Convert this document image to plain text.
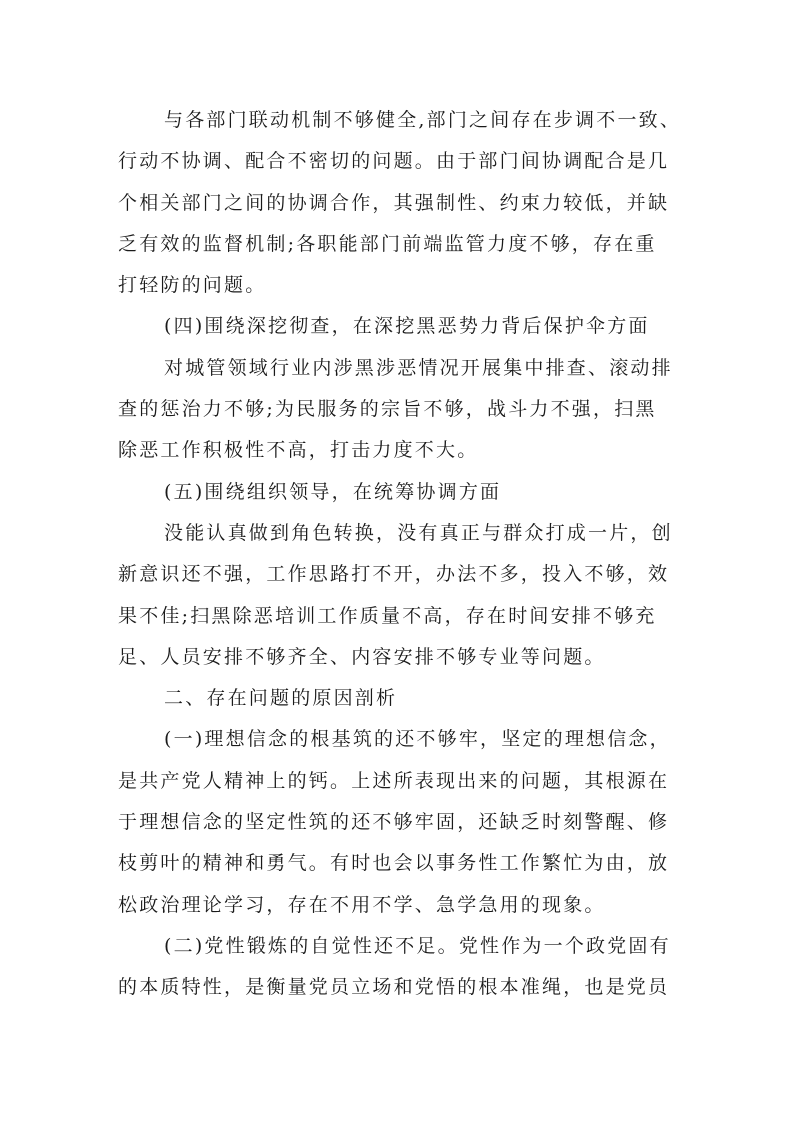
与各部门联动机制不够健全,部门之间存在步调不一致、

行动不协调、配合不密切的问题。由于部门间协调配合是几

个相关部门之间的协调合作，其强制性、约束力较低，并缺

乏有效的监督机制;各职能部门前端监管力度不够，存在重

打轻防的问题。

(四)围绕深挖彻查，在深挖黑恶势力背后保护伞方面

对城管领域行业内涉黑涉恶情况开展集中排查、滚动排

查的惩治力不够;为民服务的宗旨不够，战斗力不强，扫黑

除恶工作积极性不高，打击力度不大。

(五)围绕组织领导，在统筹协调方面

没能认真做到角色转换，没有真正与群众打成一片，创

新意识还不强，工作思路打不开，办法不多，投入不够，效

果不佳;扫黑除恶培训工作质量不高，存在时间安排不够充

足、人员安排不够齐全、内容安排不够专业等问题。

二、存在问题的原因剖析

(一)理想信念的根基筑的还不够牢，坚定的理想信念，

是共产党人精神上的钙。上述所表现出来的问题，其根源在

于理想信念的坚定性筑的还不够牢固，还缺乏时刻警醒、修

枝剪叶的精神和勇气。有时也会以事务性工作繁忙为由，放

松政治理论学习，存在不用不学、急学急用的现象。

(二)党性锻炼的自觉性还不足。党性作为一个政党固有

的本质特性，是衡量党员立场和党悟的根本准绳，也是党员
